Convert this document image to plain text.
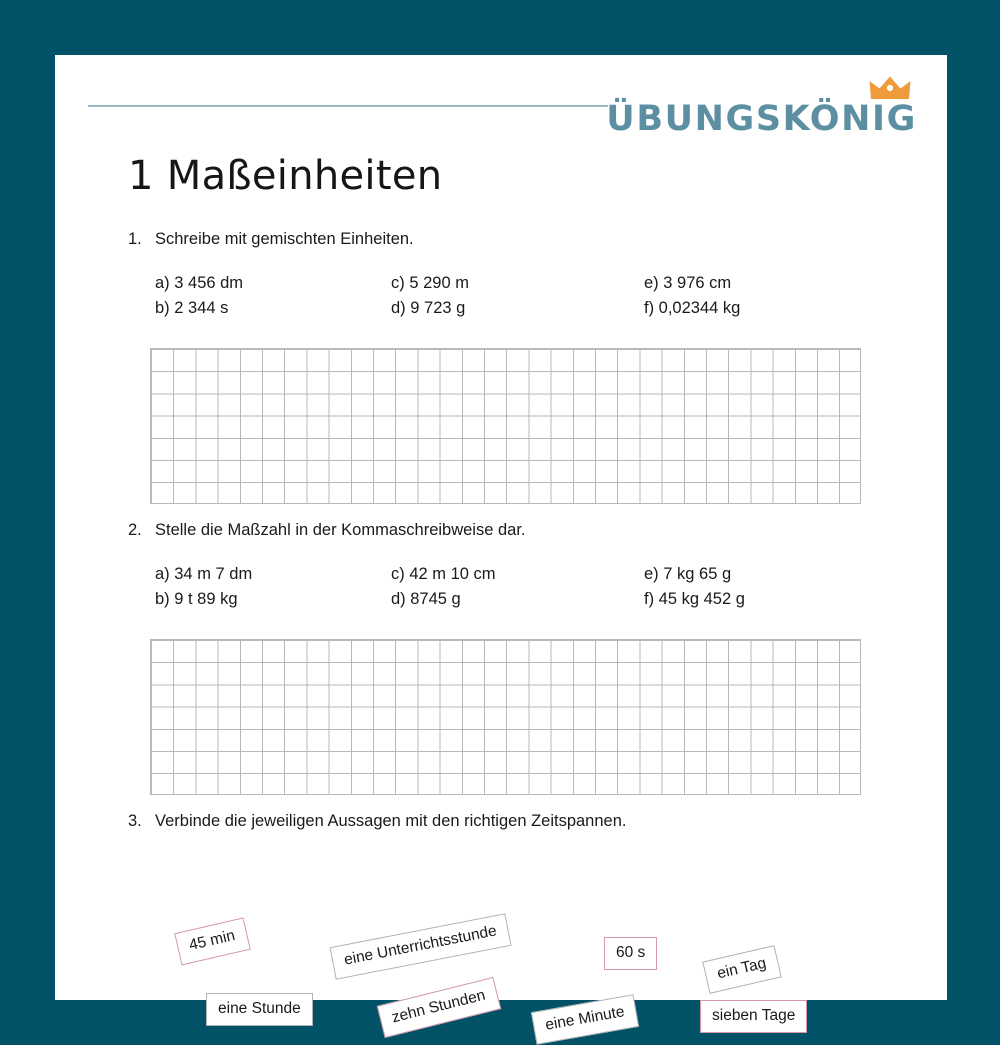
ÜBUNGSKÖNIG
1 Maßeinheiten
1. Schreibe mit gemischten Einheiten.
a) 3 456 dm
b) 2 344 s
c) 5 290 m
d) 9 723 g
e) 3 976 cm
f) 0,02344 kg
2. Stelle die Maßzahl in der Kommaschreibweise dar.
a) 34 m 7 dm
b) 9 t 89 kg
c) 42 m 10 cm
d) 8745 g
e) 7 kg 65 g
f) 45 kg 452 g
3. Verbinde die jeweiligen Aussagen mit den richtigen Zeitspannen.
45 min	eine Unterrichtsstunde	60 s
ein Tag
eine Stunde	zehn Stunden	eine Minute	sieben Tage
